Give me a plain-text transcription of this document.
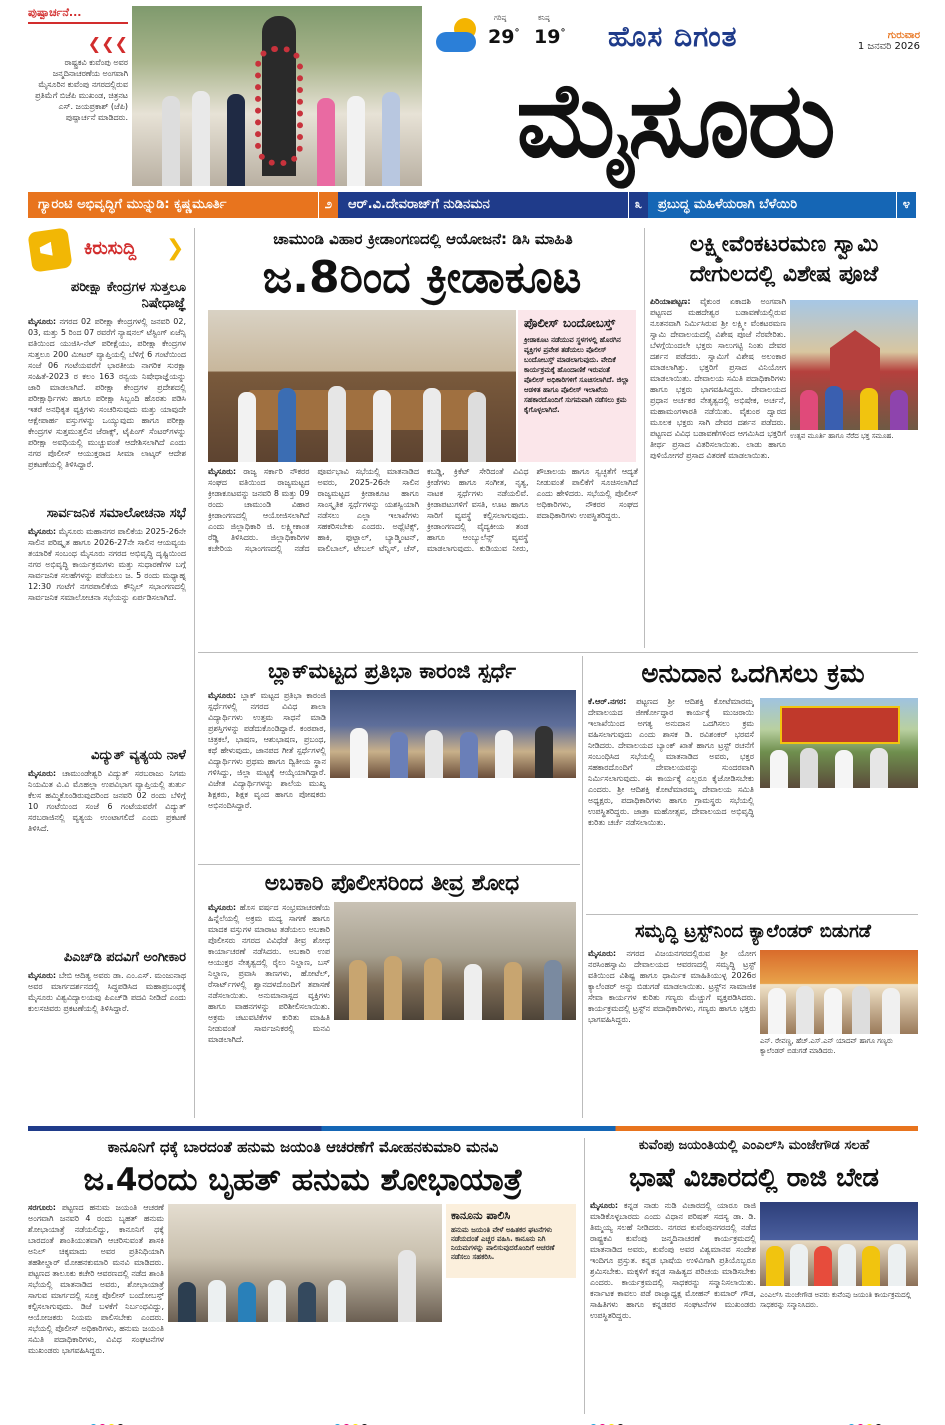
ಪುಷ್ಪಾರ್ಚನೆ...
❮❮❮
ರಾಷ್ಟ್ರಕವಿ ಕುವೆಂಪು ಅವರ ಜನ್ಮದಿನಾಚರಣೆಯ ಅಂಗವಾಗಿ ಮೈಸೂರಿನ ಕುವೆಂಪು ನಗರದಲ್ಲಿರುವ ಪ್ರತಿಮೆಗೆ ಬಿಜೆಪಿ ಮುಖಂಡ, ಚಿತ್ರನಟ ಎಸ್. ಜಯಪ್ರಕಾಶ್ (ಜೆಪಿ) ಪುಷ್ಪಾರ್ಚನೆ ಮಾಡಿದರು.
ಗರಿಷ್ಠ
29°
ಕನಿಷ್ಠ
19° ಹೊಸ ದಿಗಂತ	ಗುರುವಾರ
1 ಜನವರಿ 2026
ಮೈಸೂರು
ಗ್ಯಾರಂಟಿ ಅಭಿವೃದ್ಧಿಗೆ ಮುನ್ನುಡಿ: ಕೃಷ್ಣಮೂರ್ತಿ	೨	ಆರ್.ವಿ.ದೇವರಾಜ್‌ಗೆ ನುಡಿನಮನ	೩	ಪ್ರಬುದ್ಧ ಮಹಿಳೆಯರಾಗಿ ಬೆಳೆಯಿರಿ	೪
ಕಿರುಸುದ್ದಿ ❯
ಪರೀಕ್ಷಾ ಕೇಂದ್ರಗಳ ಸುತ್ತಲೂ ನಿಷೇಧಾಜ್ಞೆ
ಮೈಸೂರು: ನಗರದ 02 ಪರೀಕ್ಷಾ ಕೇಂದ್ರಗಳಲ್ಲಿ ಜನವರಿ 02, 03, ಮತ್ತು 5 ರಿಂದ 07 ರವರೆಗೆ ನ್ಯಾಷನಲ್ ಟೆಸ್ಟಿಂಗ್ ಏಜೆನ್ಸಿ ವತಿಯಿಂದ ಯುಜಿಸಿ-ನೆಟ್ ಪರೀಕ್ಷೆಯು, ಪರೀಕ್ಷಾ ಕೇಂದ್ರಗಳ ಸುತ್ತಲೂ 200 ಮೀಟರ್ ವ್ಯಾಪ್ತಿಯಲ್ಲಿ ಬೆಳಿಗ್ಗೆ 6 ಗಂಟೆಯಿಂದ ಸಂಜೆ 06 ಗಂಟೆಯವರೆಗೆ ಭಾರತೀಯ ನಾಗರಿಕ ಸುರಕ್ಷಾ ಸಂಹಿತೆ-2023 ರ ಕಲಂ 163 ರನ್ವಯ ನಿಷೇಧಾಜ್ಞೆಯನ್ನು ಜಾರಿ ಮಾಡಲಾಗಿದೆ. ಪರೀಕ್ಷಾ ಕೇಂದ್ರಗಳ ಪ್ರದೇಶದಲ್ಲಿ ಪರೀಕ್ಷಾರ್ಥಿಗಳು ಹಾಗೂ ಪರೀಕ್ಷಾ ಸಿಬ್ಬಂದಿ ಹೊರತು ಪಡಿಸಿ ಇತರೆ ಅನಧಿಕೃತ ವ್ಯಕ್ತಿಗಳು ಸಂಚರಿಸುವುದು ಮತ್ತು ಯಾವುದೇ ಆಕ್ಷೇಪಾರ್ಹ ವಸ್ತುಗಳನ್ನು ಒಯ್ಯುವುದು ಹಾಗೂ ಪರೀಕ್ಷಾ ಕೇಂದ್ರಗಳ ಸುತ್ತಮುತ್ತಲಿನ ಜೆರಾಕ್ಸ್, ಟೈಪಿಂಗ್ ಸೆಂಟರ್‌ಗಳನ್ನು ಪರೀಕ್ಷಾ ಅವಧಿಯಲ್ಲಿ ಮುಚ್ಚುವಂತೆ ಆದೇಶಿಸಲಾಗಿದೆ ಎಂದು ನಗರ ಪೊಲೀಸ್ ಆಯುಕ್ತರಾದ ಸೀಮಾ ಲಾಟ್ಕರ್ ಆದೇಶ ಪ್ರಕಟಣೆಯಲ್ಲಿ ತಿಳಿಸಿದ್ದಾರೆ.
ಸಾರ್ವಜನಿಕ ಸಮಾಲೋಚನಾ ಸಭೆ
ಮೈಸೂರು: ಮೈಸೂರು ಮಹಾನಗರ ಪಾಲಿಕೆಯ 2025-26ನೇ ಸಾಲಿನ ಪರಿಷ್ಕೃತ ಹಾಗೂ 2026-27ನೇ ಸಾಲಿನ ಆಯವ್ಯಯ ತಯಾರಿಕೆ ಸಂಬಂಧ ಮೈಸೂರು ನಗರದ ಅಭಿವೃದ್ಧಿ ದೃಷ್ಟಿಯಿಂದ ನಗರ ಅಭಿವೃದ್ಧಿ ಕಾರ್ಯಕ್ರಮಗಳು ಮತ್ತು ಸುಧಾರಣೆಗಳ ಬಗ್ಗೆ ಸಾರ್ವಜನಿಕ ಸಲಹೆಗಳನ್ನು ಪಡೆಯಲು ಜ. 5 ರಂದು ಮಧ್ಯಾಹ್ನ 12:30 ಗಂಟೆಗೆ ನಗರಪಾಲಿಕೆಯ ಕೌನ್ಸಿಲ್ ಸಭಾಂಗಣದಲ್ಲಿ ಸಾರ್ವಜನಿಕ ಸಮಾಲೋಚನಾ ಸಭೆಯನ್ನು ಏರ್ಪಡಿಸಲಾಗಿದೆ.
ವಿದ್ಯುತ್ ವ್ಯತ್ಯಯ ನಾಳೆ
ಮೈಸೂರು: ಚಾಮುಂಡೇಶ್ವರಿ ವಿದ್ಯುತ್ ಸರಬರಾಜು ನಿಗಮ ನಿಯಮಿತ ವಿ.ವಿ ಮೊಹಲ್ಲಾ ಉಪವಿಭಾಗ ವ್ಯಾಪ್ತಿಯಲ್ಲಿ ತುರ್ತು ಕೆಲಸ ಹಮ್ಮಿಕೊಂಡಿರುವುದರಿಂದ ಜನವರಿ 02 ರಂದು ಬೆಳಿಗ್ಗೆ 10 ಗಂಟೆಯಿಂದ ಸಂಜೆ 6 ಗಂಟೆಯವರೆಗೆ ವಿದ್ಯುತ್ ಸರಬರಾಜಿನಲ್ಲಿ ವ್ಯತ್ಯಯ ಉಂಟಾಗಲಿದೆ ಎಂದು ಪ್ರಕಟಣೆ ತಿಳಿಸಿದೆ.
ಪಿಎಚ್‌ಡಿ ಪದವಿಗೆ ಅಂಗೀಕಾರ
ಮೈಸೂರು: ಬೇಬಿ ಆದಿತ್ಯ ಅವರು ಡಾ. ಎಂ.ಎಸ್. ಮಂಜುನಾಥ ಅವರ ಮಾರ್ಗದರ್ಶನದಲ್ಲಿ ಸಿದ್ಧಪಡಿಸಿದ ಮಹಾಪ್ರಬಂಧಕ್ಕೆ ಮೈಸೂರು ವಿಶ್ವವಿದ್ಯಾಲಯವು ಪಿಎಚ್‌ಡಿ ಪದವಿ ನೀಡಿದೆ ಎಂದು ಕುಲಸಚಿವರು ಪ್ರಕಟಣೆಯಲ್ಲಿ ತಿಳಿಸಿದ್ದಾರೆ.
ಚಾಮುಂಡಿ ವಿಹಾರ ಕ್ರೀಡಾಂಗಣದಲ್ಲಿ ಆಯೋಜನೆ: ಡಿಸಿ ಮಾಹಿತಿ
ಜ.8ರಿಂದ ಕ್ರೀಡಾಕೂಟ
ಪೊಲೀಸ್ ಬಂದೋಬಸ್ತ್
ಕ್ರೀಡಾಕೂಟ ನಡೆಯುವ ಸ್ಥಳಗಳಲ್ಲಿ ಹೊರಗಿನ ವ್ಯಕ್ತಿಗಳ ಪ್ರವೇಶ ತಡೆಯಲು ಪೊಲೀಸ್ ಬಂದೋಬಸ್ತ್ ಮಾಡಲಾಗುವುದು. ವೇದಿಕೆ ಕಾರ್ಯಕ್ರಮಕ್ಕೆ ಹೊಂದಾಣಿಕೆ ಇರುವಂತೆ ಪೊಲೀಸ್ ಅಧಿಕಾರಿಗಳಿಗೆ ಸೂಚಿಸಲಾಗಿದೆ. ಜಿಲ್ಲಾ ಆಡಳಿತ ಹಾಗೂ ಪೊಲೀಸ್ ಇಲಾಖೆಯ ಸಹಕಾರದೊಂದಿಗೆ ಸುಗಮವಾಗಿ ನಡೆಸಲು ಕ್ರಮ ಕೈಗೊಳ್ಳಲಾಗಿದೆ.
ಮೈಸೂರು: ರಾಜ್ಯ ಸರ್ಕಾರಿ ನೌಕರರ ಸಂಘದ ವತಿಯಿಂದ ರಾಜ್ಯಮಟ್ಟದ ಕ್ರೀಡಾಕೂಟವನ್ನು ಜನವರಿ 8 ಮತ್ತು 09 ರಂದು ಚಾಮುಂಡಿ ವಿಹಾರ ಕ್ರೀಡಾಂಗಣದಲ್ಲಿ ಆಯೋಜಿಸಲಾಗಿದೆ ಎಂದು ಜಿಲ್ಲಾಧಿಕಾರಿ ಜಿ. ಲಕ್ಷ್ಮೀಕಾಂತ ರೆಡ್ಡಿ ತಿಳಿಸಿದರು. ಜಿಲ್ಲಾಧಿಕಾರಿಗಳ ಕಚೇರಿಯ ಸಭಾಂಗಣದಲ್ಲಿ ನಡೆದ ಪೂರ್ವಭಾವಿ ಸಭೆಯಲ್ಲಿ ಮಾತನಾಡಿದ ಅವರು, 2025-26ನೇ ಸಾಲಿನ ರಾಜ್ಯಮಟ್ಟದ ಕ್ರೀಡಾಕೂಟ ಹಾಗೂ ಸಾಂಸ್ಕೃತಿಕ ಸ್ಪರ್ಧೆಗಳನ್ನು ಯಶಸ್ವಿಯಾಗಿ ನಡೆಸಲು ಎಲ್ಲಾ ಇಲಾಖೆಗಳು ಸಹಕರಿಸಬೇಕು ಎಂದರು. ಅಥ್ಲೆಟಿಕ್ಸ್, ಹಾಕಿ, ಫುಟ್ಬಾಲ್, ಬ್ಯಾಡ್ಮಿಂಟನ್, ವಾಲಿಬಾಲ್, ಟೇಬಲ್ ಟೆನ್ನಿಸ್, ಚೆಸ್, ಕಬಡ್ಡಿ, ಕ್ರಿಕೆಟ್ ಸೇರಿದಂತೆ ವಿವಿಧ ಕ್ರೀಡೆಗಳು ಹಾಗೂ ಸಂಗೀತ, ನೃತ್ಯ, ನಾಟಕ ಸ್ಪರ್ಧೆಗಳು ನಡೆಯಲಿವೆ. ಕ್ರೀಡಾಪಟುಗಳಿಗೆ ವಸತಿ, ಊಟ ಹಾಗೂ ಸಾರಿಗೆ ವ್ಯವಸ್ಥೆ ಕಲ್ಪಿಸಲಾಗುವುದು. ಕ್ರೀಡಾಂಗಣದಲ್ಲಿ ವೈದ್ಯಕೀಯ ತಂಡ ಹಾಗೂ ಆಂಬ್ಯುಲೆನ್ಸ್ ವ್ಯವಸ್ಥೆ ಮಾಡಲಾಗುವುದು. ಕುಡಿಯುವ ನೀರು, ಶೌಚಾಲಯ ಹಾಗೂ ಸ್ವಚ್ಛತೆಗೆ ಆದ್ಯತೆ ನೀಡುವಂತೆ ಪಾಲಿಕೆಗೆ ಸೂಚಿಸಲಾಗಿದೆ ಎಂದು ಹೇಳಿದರು. ಸಭೆಯಲ್ಲಿ ಪೊಲೀಸ್ ಅಧಿಕಾರಿಗಳು, ನೌಕರರ ಸಂಘದ ಪದಾಧಿಕಾರಿಗಳು ಉಪಸ್ಥಿತರಿದ್ದರು.
ಲಕ್ಷ್ಮೀವೆಂಕಟರಮಣ ಸ್ವಾಮಿ ದೇಗುಲದಲ್ಲಿ ವಿಶೇಷ ಪೂಜೆ
ಪಿರಿಯಾಪಟ್ಟಣ: ವೈಕುಂಠ ಏಕಾದಶಿ ಅಂಗವಾಗಿ ಪಟ್ಟಣದ ಮಹದೇಶ್ವರ ಬಡಾವಣೆಯಲ್ಲಿರುವ ನೂತನವಾಗಿ ನಿರ್ಮಿಸಿರುವ ಶ್ರೀ ಲಕ್ಷ್ಮೀ ವೆಂಕಟರಮಣ ಸ್ವಾಮಿ ದೇವಾಲಯದಲ್ಲಿ ವಿಶೇಷ ಪೂಜೆ ನೆರವೇರಿತು. ಬೆಳಗ್ಗೆಯಿಂದಲೇ ಭಕ್ತರು ಸಾಲುಗಟ್ಟಿ ನಿಂತು ದೇವರ ದರ್ಶನ ಪಡೆದರು. ಸ್ವಾಮಿಗೆ ವಿಶೇಷ ಅಲಂಕಾರ ಮಾಡಲಾಗಿತ್ತು. ಭಕ್ತರಿಗೆ ಪ್ರಸಾದ ವಿನಿಯೋಗ ಮಾಡಲಾಯಿತು. ದೇವಾಲಯ ಸಮಿತಿ ಪದಾಧಿಕಾರಿಗಳು ಹಾಗೂ ಭಕ್ತರು ಭಾಗವಹಿಸಿದ್ದರು. ದೇವಾಲಯದ ಪ್ರಧಾನ ಅರ್ಚಕರ ನೇತೃತ್ವದಲ್ಲಿ ಅಭಿಷೇಕ, ಅರ್ಚನೆ, ಮಹಾಮಂಗಳಾರತಿ ನಡೆಯಿತು. ವೈಕುಂಠ ದ್ವಾರದ ಮೂಲಕ ಭಕ್ತರು ಸಾಗಿ ದೇವರ ದರ್ಶನ ಪಡೆದರು. ಪಟ್ಟಣದ ವಿವಿಧ ಬಡಾವಣೆಗಳಿಂದ ಆಗಮಿಸಿದ ಭಕ್ತರಿಗೆ ತೀರ್ಥ ಪ್ರಸಾದ ವಿತರಿಸಲಾಯಿತು. ಲಾಡು ಹಾಗೂ ಪುಳಿಯೋಗರೆ ಪ್ರಸಾದ ವಿತರಣೆ ಮಾಡಲಾಯಿತು.
ಉತ್ಸವ ಮೂರ್ತಿ ಹಾಗೂ ನೆರೆದ ಭಕ್ತ ಸಮೂಹ.
ಬ್ಲಾಕ್‌ಮಟ್ಟದ ಪ್ರತಿಭಾ ಕಾರಂಜಿ ಸ್ಪರ್ಧೆ
ಮೈಸೂರು: ಬ್ಲಾಕ್ ಮಟ್ಟದ ಪ್ರತಿಭಾ ಕಾರಂಜಿ ಸ್ಪರ್ಧೆಗಳಲ್ಲಿ ನಗರದ ವಿವಿಧ ಶಾಲಾ ವಿದ್ಯಾರ್ಥಿಗಳು ಉತ್ತಮ ಸಾಧನೆ ಮಾಡಿ ಪ್ರಶಸ್ತಿಗಳನ್ನು ಪಡೆದುಕೊಂಡಿದ್ದಾರೆ. ಕಂಠಪಾಠ, ಚಿತ್ರಕಲೆ, ಭಾಷಣ, ಆಶುಭಾಷಣ, ಪ್ರಬಂಧ, ಕಥೆ ಹೇಳುವುದು, ಜಾನಪದ ಗೀತೆ ಸ್ಪರ್ಧೆಗಳಲ್ಲಿ ವಿದ್ಯಾರ್ಥಿಗಳು ಪ್ರಥಮ ಹಾಗೂ ದ್ವಿತೀಯ ಸ್ಥಾನ ಗಳಿಸಿದ್ದು, ಜಿಲ್ಲಾ ಮಟ್ಟಕ್ಕೆ ಆಯ್ಕೆಯಾಗಿದ್ದಾರೆ. ವಿಜೇತ ವಿದ್ಯಾರ್ಥಿಗಳನ್ನು ಶಾಲೆಯ ಮುಖ್ಯ ಶಿಕ್ಷಕರು, ಶಿಕ್ಷಕ ವೃಂದ ಹಾಗೂ ಪೋಷಕರು ಅಭಿನಂದಿಸಿದ್ದಾರೆ.
ಅನುದಾನ ಒದಗಿಸಲು ಕ್ರಮ
ಕೆ.ಆರ್.ನಗರ: ಪಟ್ಟಣದ ಶ್ರೀ ಆದಿಶಕ್ತಿ ಕೋಟೆಮಾರಮ್ಮ ದೇವಾಲಯದ ಜೀರ್ಣೋದ್ಧಾರ ಕಾರ್ಯಕ್ಕೆ ಮುಜರಾಯಿ ಇಲಾಖೆಯಿಂದ ಅಗತ್ಯ ಅನುದಾನ ಒದಗಿಸಲು ಕ್ರಮ ವಹಿಸಲಾಗುವುದು ಎಂದು ಶಾಸಕ ಡಿ. ರವಿಶಂಕರ್ ಭರವಸೆ ನೀಡಿದರು. ದೇವಾಲಯದ ಬ್ಯಾಂಕ್ ಖಾತೆ ಹಾಗೂ ಟ್ರಸ್ಟ್ ರಚನೆಗೆ ಸಂಬಂಧಿಸಿದ ಸಭೆಯಲ್ಲಿ ಮಾತನಾಡಿದ ಅವರು, ಭಕ್ತರ ಸಹಕಾರದೊಂದಿಗೆ ದೇವಾಲಯವನ್ನು ಸುಂದರವಾಗಿ ನಿರ್ಮಿಸಲಾಗುವುದು. ಈ ಕಾರ್ಯಕ್ಕೆ ಎಲ್ಲರೂ ಕೈಜೋಡಿಸಬೇಕು ಎಂದರು. ಶ್ರೀ ಆದಿಶಕ್ತಿ ಕೋಟೆಮಾರಮ್ಮ ದೇವಾಲಯ ಸಮಿತಿ ಅಧ್ಯಕ್ಷರು, ಪದಾಧಿಕಾರಿಗಳು ಹಾಗೂ ಗ್ರಾಮಸ್ಥರು ಸಭೆಯಲ್ಲಿ ಉಪಸ್ಥಿತರಿದ್ದರು. ಜಾತ್ರಾ ಮಹೋತ್ಸವ, ದೇವಾಲಯದ ಅಭಿವೃದ್ಧಿ ಕುರಿತು ಚರ್ಚೆ ನಡೆಸಲಾಯಿತು.
ಅಬಕಾರಿ ಪೊಲೀಸರಿಂದ ತೀವ್ರ ಶೋಧ
ಮೈಸೂರು: ಹೊಸ ವರ್ಷದ ಸಂಭ್ರಮಾಚರಣೆಯ ಹಿನ್ನೆಲೆಯಲ್ಲಿ ಅಕ್ರಮ ಮದ್ಯ ಸಾಗಣೆ ಹಾಗೂ ಮಾದಕ ವಸ್ತುಗಳ ಮಾರಾಟ ತಡೆಯಲು ಅಬಕಾರಿ ಪೊಲೀಸರು ನಗರದ ವಿವಿಧೆಡೆ ತೀವ್ರ ಶೋಧ ಕಾರ್ಯಾಚರಣೆ ನಡೆಸಿದರು. ಅಬಕಾರಿ ಉಪ ಆಯುಕ್ತರ ನೇತೃತ್ವದಲ್ಲಿ ರೈಲು ನಿಲ್ದಾಣ, ಬಸ್ ನಿಲ್ದಾಣ, ಪ್ರವಾಸಿ ತಾಣಗಳು, ಹೋಟೆಲ್, ರೆಸಾರ್ಟ್‌ಗಳಲ್ಲಿ ಶ್ವಾನದಳದೊಂದಿಗೆ ತಪಾಸಣೆ ನಡೆಸಲಾಯಿತು. ಅನುಮಾನಾಸ್ಪದ ವ್ಯಕ್ತಿಗಳು ಹಾಗೂ ವಾಹನಗಳನ್ನು ಪರಿಶೀಲಿಸಲಾಯಿತು. ಅಕ್ರಮ ಚಟುವಟಿಕೆಗಳ ಕುರಿತು ಮಾಹಿತಿ ನೀಡುವಂತೆ ಸಾರ್ವಜನಿಕರಲ್ಲಿ ಮನವಿ ಮಾಡಲಾಗಿದೆ.
ಸಮೃದ್ಧಿ ಟ್ರಸ್ಟ್‌ನಿಂದ ಕ್ಯಾಲೆಂಡರ್ ಬಿಡುಗಡೆ
ಮೈಸೂರು: ನಗರದ ವಿಜಯನಗರದಲ್ಲಿರುವ ಶ್ರೀ ಯೋಗ ನರಸಿಂಹಸ್ವಾಮಿ ದೇವಾಲಯದ ಆವರಣದಲ್ಲಿ ಸಮೃದ್ಧಿ ಟ್ರಸ್ಟ್ ವತಿಯಿಂದ ವಿಶಿಷ್ಟ ಹಾಗೂ ಧಾರ್ಮಿಕ ಮಾಹಿತಿಯುಳ್ಳ 2026ರ ಕ್ಯಾಲೆಂಡರ್ ಅನ್ನು ಬಿಡುಗಡೆ ಮಾಡಲಾಯಿತು. ಟ್ರಸ್ಟ್‌ನ ಸಾಮಾಜಿಕ ಸೇವಾ ಕಾರ್ಯಗಳ ಕುರಿತು ಗಣ್ಯರು ಮೆಚ್ಚುಗೆ ವ್ಯಕ್ತಪಡಿಸಿದರು. ಕಾರ್ಯಕ್ರಮದಲ್ಲಿ ಟ್ರಸ್ಟ್‌ನ ಪದಾಧಿಕಾರಿಗಳು, ಗಣ್ಯರು ಹಾಗೂ ಭಕ್ತರು ಭಾಗವಹಿಸಿದ್ದರು.
ಎನ್. ರೇವಣ್ಣ, ಹೆಚ್.ಎಸ್.ಎನ್ ಯಾದವ್ ಹಾಗೂ ಗಣ್ಯರು ಕ್ಯಾಲೆಂಡರ್ ಬಿಡುಗಡೆ ಮಾಡಿದರು.
ಕಾನೂನಿಗೆ ಧಕ್ಕೆ ಬಾರದಂತೆ ಹನುಮ ಜಯಂತಿ ಆಚರಣೆಗೆ ಮೋಹನಕುಮಾರಿ ಮನವಿ
ಜ.4ರಂದು ಬೃಹತ್ ಹನುಮ ಶೋಭಾಯಾತ್ರೆ
ಸರಗೂರು: ಪಟ್ಟಣದ ಹನುಮ ಜಯಂತಿ ಆಚರಣೆ ಅಂಗವಾಗಿ ಜನವರಿ 4 ರಂದು ಬೃಹತ್ ಹನುಮ ಶೋಭಾಯಾತ್ರೆ ನಡೆಯಲಿದ್ದು, ಕಾನೂನಿಗೆ ಧಕ್ಕೆ ಬಾರದಂತೆ ಶಾಂತಿಯುತವಾಗಿ ಆಚರಿಸುವಂತೆ ಶಾಸಕಿ ಅನಿಲ್ ಚಿಕ್ಕಮಾದು ಅವರ ಪ್ರತಿನಿಧಿಯಾಗಿ ತಹಶೀಲ್ದಾರ್ ಮೋಹನಕುಮಾರಿ ಮನವಿ ಮಾಡಿದರು. ಪಟ್ಟಣದ ತಾಲೂಕು ಕಚೇರಿ ಆವರಣದಲ್ಲಿ ನಡೆದ ಶಾಂತಿ ಸಭೆಯಲ್ಲಿ ಮಾತನಾಡಿದ ಅವರು, ಶೋಭಾಯಾತ್ರೆ ಸಾಗುವ ಮಾರ್ಗದಲ್ಲಿ ಸೂಕ್ತ ಪೊಲೀಸ್ ಬಂದೋಬಸ್ತ್ ಕಲ್ಪಿಸಲಾಗುವುದು. ಡಿಜೆ ಬಳಕೆಗೆ ನಿರ್ಬಂಧವಿದ್ದು, ಆಯೋಜಕರು ನಿಯಮ ಪಾಲಿಸಬೇಕು ಎಂದರು. ಸಭೆಯಲ್ಲಿ ಪೊಲೀಸ್ ಅಧಿಕಾರಿಗಳು, ಹನುಮ ಜಯಂತಿ ಸಮಿತಿ ಪದಾಧಿಕಾರಿಗಳು, ವಿವಿಧ ಸಂಘಟನೆಗಳ ಮುಖಂಡರು ಭಾಗವಹಿಸಿದ್ದರು.
ಕಾನೂನು ಪಾಲಿಸಿ
ಹನುಮ ಜಯಂತಿ ವೇಳೆ ಅಹಿತಕರ ಘಟನೆಗಳು ನಡೆಯದಂತೆ ಎಚ್ಚರ ವಹಿಸಿ. ಕಾನೂನು ನಿಗಿ ನಿಯಮಗಳನ್ನು ಪಾಲಿಸುವುದರೊಂದಿಗೆ ಆಚರಣೆ ನಡೆಸಲು ಸಹಕರಿಸಿ.
ಕುವೆಂಪು ಜಯಂತಿಯಲ್ಲಿ ಎಂಎಲ್‌ಸಿ ಮಂಜೇಗೌಡ ಸಲಹೆ
ಭಾಷೆ ವಿಚಾರದಲ್ಲಿ ರಾಜಿ ಬೇಡ
ಮೈಸೂರು: ಕನ್ನಡ ನಾಡು ನುಡಿ ವಿಚಾರದಲ್ಲಿ ಯಾರೂ ರಾಜಿ ಮಾಡಿಕೊಳ್ಳಬಾರದು ಎಂದು ವಿಧಾನ ಪರಿಷತ್ ಸದಸ್ಯ ಡಾ. ಡಿ. ತಿಮ್ಮಯ್ಯ ಸಲಹೆ ನೀಡಿದರು. ನಗರದ ಕುವೆಂಪುನಗರದಲ್ಲಿ ನಡೆದ ರಾಷ್ಟ್ರಕವಿ ಕುವೆಂಪು ಜನ್ಮದಿನಾಚರಣೆ ಕಾರ್ಯಕ್ರಮದಲ್ಲಿ ಮಾತನಾಡಿದ ಅವರು, ಕುವೆಂಪು ಅವರ ವಿಶ್ವಮಾನವ ಸಂದೇಶ ಇಂದಿಗೂ ಪ್ರಸ್ತುತ. ಕನ್ನಡ ಭಾಷೆಯ ಉಳಿವಿಗಾಗಿ ಪ್ರತಿಯೊಬ್ಬರೂ ಶ್ರಮಿಸಬೇಕು. ಮಕ್ಕಳಿಗೆ ಕನ್ನಡ ಸಾಹಿತ್ಯದ ಪರಿಚಯ ಮಾಡಿಸಬೇಕು ಎಂದರು. ಕಾರ್ಯಕ್ರಮದಲ್ಲಿ ಸಾಧಕರನ್ನು ಸನ್ಮಾನಿಸಲಾಯಿತು. ಕರ್ನಾಟಕ ಕಾವಲು ಪಡೆ ರಾಜ್ಯಾಧ್ಯಕ್ಷ ಮೋಹನ್ ಕುಮಾರ್ ಗೌಡ, ಸಾಹಿತಿಗಳು ಹಾಗೂ ಕನ್ನಡಪರ ಸಂಘಟನೆಗಳ ಮುಖಂಡರು ಉಪಸ್ಥಿತರಿದ್ದರು.
ಎಂಎಲ್‌ಸಿ ಮಂಜೇಗೌಡ ಅವರು ಕುವೆಂಪು ಜಯಂತಿ ಕಾರ್ಯಕ್ರಮದಲ್ಲಿ ಸಾಧಕರನ್ನು ಸನ್ಮಾನಿಸಿದರು.
